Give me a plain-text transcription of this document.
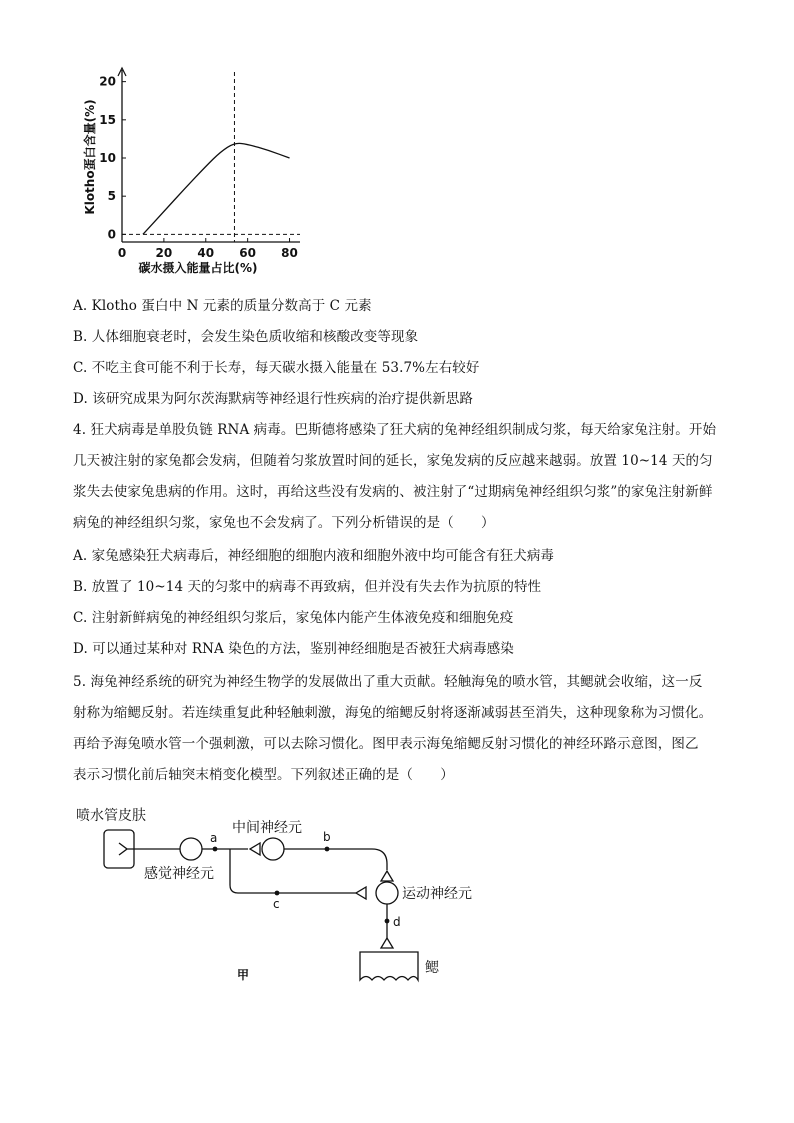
0
5
10
15
20
0 20 40 60 80
Klotho蛋白含量(%)
碳水摄入能量占比(%)
A. Klotho 蛋白中 N 元素的质量分数高于 C 元素
B. 人体细胞衰老时，会发生染色质收缩和核酸改变等现象
C. 不吃主食可能不利于长寿，每天碳水摄入能量在 53.7%左右较好
D. 该研究成果为阿尔茨海默病等神经退行性疾病的治疗提供新思路
4. 狂犬病毒是单股负链 RNA 病毒。巴斯德将感染了狂犬病的兔神经组织制成匀浆，每天给家兔注射。开始
几天被注射的家兔都会发病，但随着匀浆放置时间的延长，家兔发病的反应越来越弱。放置 10~14 天的匀
浆失去使家兔患病的作用。这时，再给这些没有发病的、被注射了“过期病兔神经组织匀浆”的家兔注射新鲜
病兔的神经组织匀浆，家兔也不会发病了。下列分析错误的是（　　）
A. 家兔感染狂犬病毒后，神经细胞的细胞内液和细胞外液中均可能含有狂犬病毒
B. 放置了 10~14 天的匀浆中的病毒不再致病，但并没有失去作为抗原的特性
C. 注射新鲜病兔的神经组织匀浆后，家兔体内能产生体液免疫和细胞免疫
D. 可以通过某种对 RNA 染色的方法，鉴别神经细胞是否被狂犬病毒感染
5. 海兔神经系统的研究为神经生物学的发展做出了重大贡献。轻触海兔的喷水管，其鳃就会收缩，这一反
射称为缩鳃反射。若连续重复此种轻触刺激，海兔的缩鳃反射将逐渐减弱甚至消失，这种现象称为习惯化。
再给予海兔喷水管一个强刺激，可以去除习惯化。图甲表示海兔缩鳃反射习惯化的神经环路示意图，图乙
表示习惯化前后轴突末梢变化模型。下列叙述正确的是（　　）
喷水管皮肤
感觉神经元
中间神经元
运动神经元
鳃
甲
a	b
c
d
